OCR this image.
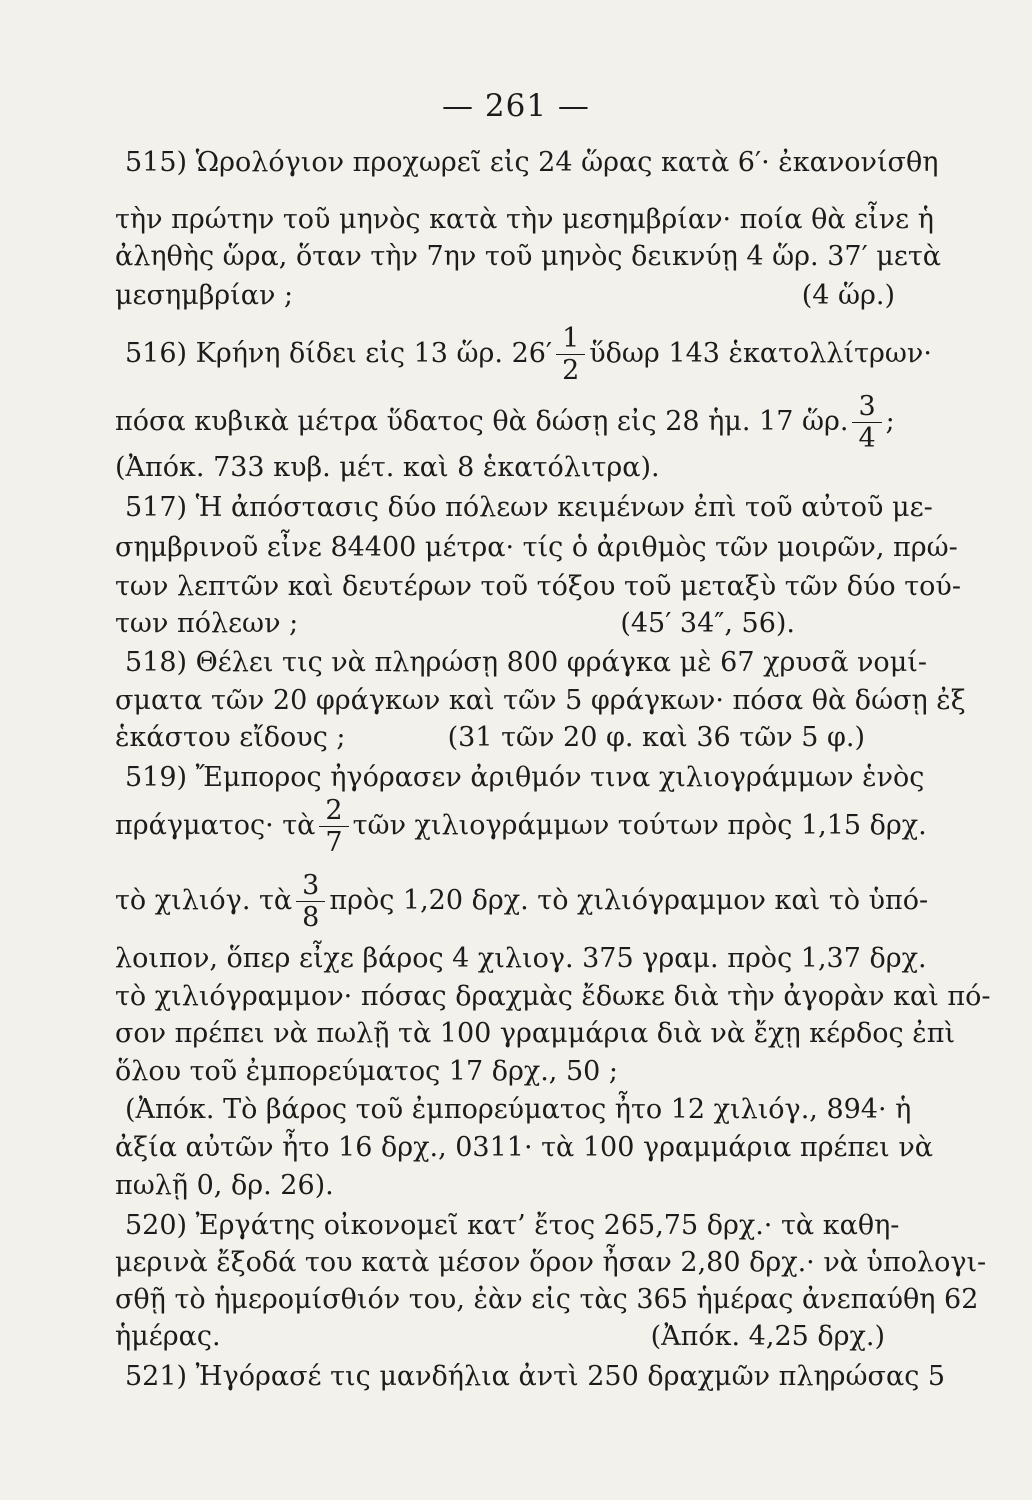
— 261 —
515) Ὡρολόγιον προχωρεῖ εἰς 24 ὥρας κατὰ 6′· ἐκανονίσθη
τὴν πρώτην τοῦ μηνὸς κατὰ τὴν μεσημβρίαν· ποία θὰ εἶνε ἡ
ἀληθὴς ὥρα, ὅταν τὴν 7ην τοῦ μηνὸς δεικνύῃ 4 ὥρ. 37′ μετὰ
μεσημβρίαν ;	(4 ὥρ.)
516) Κρήνη δίδει εἰς 13 ὥρ. $26' \frac{1}{2}$ ὕδωρ 143 ἑκατολλίτρων·
πόσα κυβικὰ μέτρα ὕδατος θὰ δώσῃ εἰς 28 ἡμ. 17 ὥρ. $\frac{3}{4}$ ;
(Ἀπόκ. 733 κυβ. μέτ. καὶ 8 ἑκατόλιτρα).
517) Ἡ ἀπόστασις δύο πόλεων κειμένων ἐπὶ τοῦ αὐτοῦ με-
σημβρινοῦ εἶνε 84400 μέτρα· τίς ὁ ἀριθμὸς τῶν μοιρῶν, πρώ-
των λεπτῶν καὶ δευτέρων τοῦ τόξου τοῦ μεταξὺ τῶν δύο τού-
των πόλεων ;	(45′ 34″, 56).
518) Θέλει τις νὰ πληρώσῃ 800 φράγκα μὲ 67 χρυσᾶ νομί-
σματα τῶν 20 φράγκων καὶ τῶν 5 φράγκων· πόσα θὰ δώσῃ ἐξ
ἑκάστου εἴδους ;	(31 τῶν 20 φ. καὶ 36 τῶν 5 φ.)
519) Ἔμπορος ἠγόρασεν ἀριθμόν τινα χιλιογράμμων ἑνὸς
πράγματος· τὰ $\frac{2}{7}$ τῶν χιλιογράμμων τούτων πρὸς 1,15 δρχ.
τὸ χιλιόγ. τὰ $\frac{3}{8}$ πρὸς 1,20 δρχ. τὸ χιλιόγραμμον καὶ τὸ ὑπό-
λοιπον, ὅπερ εἶχε βάρος 4 χιλιογ. 375 γραμ. πρὸς 1,37 δρχ.
τὸ χιλιόγραμμον· πόσας δραχμὰς ἔδωκε διὰ τὴν ἀγορὰν καὶ πό-
σον πρέπει νὰ πωλῇ τὰ 100 γραμμάρια διὰ νὰ ἔχῃ κέρδος ἐπὶ
ὅλου τοῦ ἐμπορεύματος 17 δρχ., 50 ;
(Ἀπόκ. Τὸ βάρος τοῦ ἐμπορεύματος ἦτο 12 χιλιόγ., 894· ἡ
ἀξία αὐτῶν ἦτο 16 δρχ., 0311· τὰ 100 γραμμάρια πρέπει νὰ
πωλῇ 0, δρ. 26).
520) Ἐργάτης οἰκονομεῖ κατ’ ἔτος 265,75 δρχ.· τὰ καθη-
μερινὰ ἔξοδά του κατὰ μέσον ὅρον ἦσαν 2,80 δρχ.· νὰ ὑπολογι-
σθῇ τὸ ἡμερομίσθιόν του, ἐὰν εἰς τὰς 365 ἡμέρας ἀνεπαύθη 62
ἡμέρας.	(Ἀπόκ. 4,25 δρχ.)
521) Ἠγόρασέ τις μανδήλια ἀντὶ 250 δραχμῶν πληρώσας 5
